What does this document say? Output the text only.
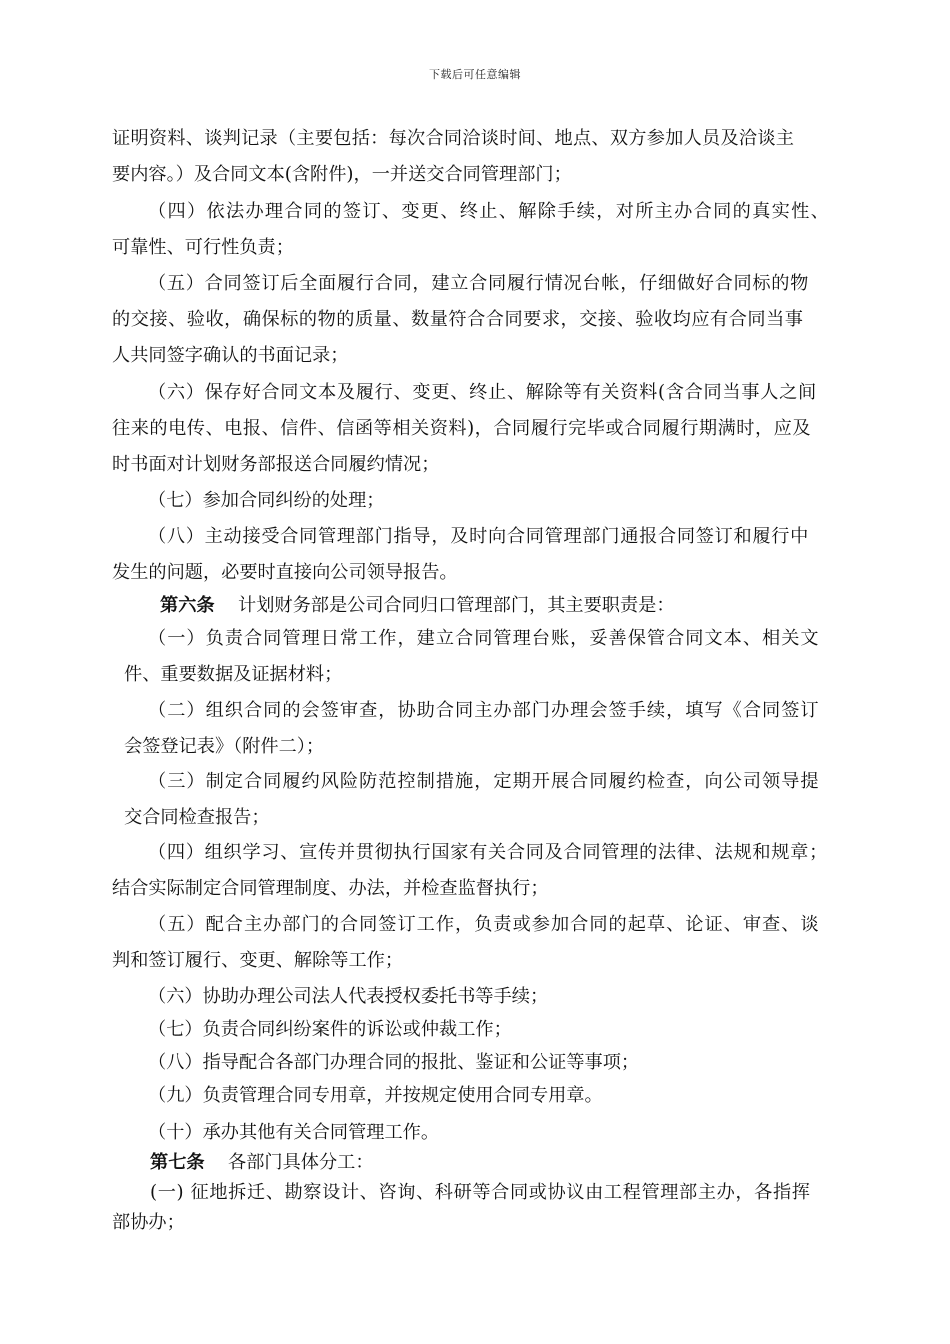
下载后可任意编辑
证明资料、谈判记录（主要包括：每次合同洽谈时间、地点、双方参加人员及洽谈主
要内容。）及合同文本(含附件)，一并送交合同管理部门；
（四）依法办理合同的签订、变更、终止、解除手续，对所主办合同的真实性、
可靠性、可行性负责；
（五）合同签订后全面履行合同，建立合同履行情况台帐，仔细做好合同标的物
的交接、验收，确保标的物的质量、数量符合合同要求，交接、验收均应有合同当事
人共同签字确认的书面记录；
（六）保存好合同文本及履行、变更、终止、解除等有关资料(含合同当事人之间
往来的电传、电报、信件、信函等相关资料)，合同履行完毕或合同履行期满时，应及
时书面对计划财务部报送合同履约情况；
（七）参加合同纠纷的处理；
（八）主动接受合同管理部门指导，及时向合同管理部门通报合同签订和履行中
发生的问题，必要时直接向公司领导报告。
第六条 计划财务部是公司合同归口管理部门，其主要职责是：
（一）负责合同管理日常工作，建立合同管理台账，妥善保管合同文本、相关文
件、重要数据及证据材料；
（二）组织合同的会签审查，协助合同主办部门办理会签手续，填写《合同签订
会签登记表》（附件二）；
（三）制定合同履约风险防范控制措施，定期开展合同履约检查，向公司领导提
交合同检查报告；
（四）组织学习、宣传并贯彻执行国家有关合同及合同管理的法律、法规和规章；
结合实际制定合同管理制度、办法，并检查监督执行；
（五）配合主办部门的合同签订工作，负责或参加合同的起草、论证、审查、谈
判和签订履行、变更、解除等工作；
（六）协助办理公司法人代表授权委托书等手续；
（七）负责合同纠纷案件的诉讼或仲裁工作；
（八）指导配合各部门办理合同的报批、鉴证和公证等事项；
（九）负责管理合同专用章，并按规定使用合同专用章。
（十）承办其他有关合同管理工作。
第七条 各部门具体分工：
(一) 征地拆迁、勘察设计、咨询、科研等合同或协议由工程管理部主办，各指挥
部协办；
